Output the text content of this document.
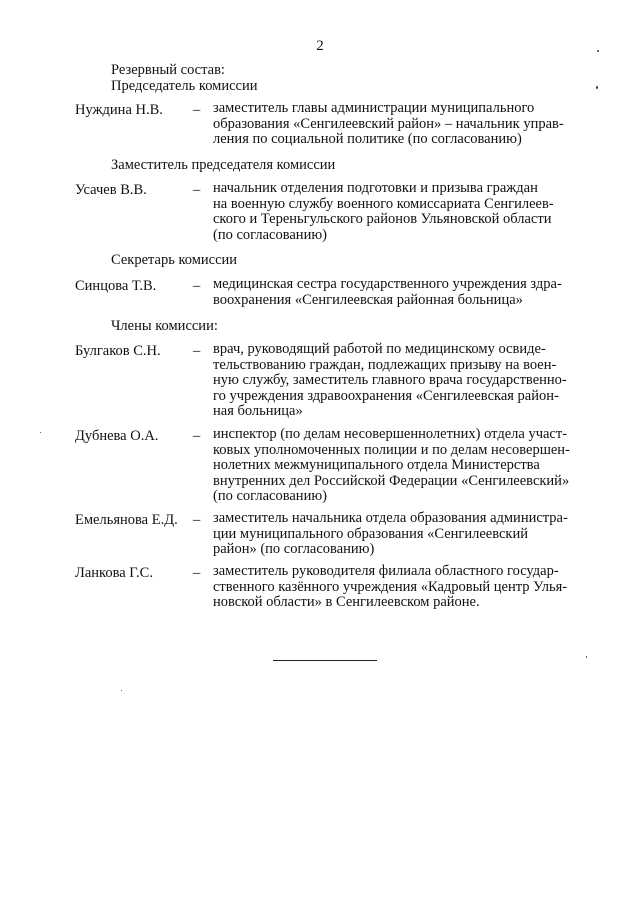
2
Резервный состав:
Председатель комиссии
Нуждина Н.В. – заместитель главы администрации муниципального
образования «Сенгилеевский район» – начальник управ-
ления по социальной политике (по согласованию)
Заместитель председателя комиссии
Усачев В.В.	– начальник отделения подготовки и призыва граждан
на военную службу военного комиссариата Сенгилеев-
ского и Тереньгульского районов Ульяновской области
(по согласованию)
Секретарь комиссии
Синцова Т.В.	– медицинская сестра государственного учреждения здра-
воохранения «Сенгилеевская районная больница»
Члены комиссии:
Булгаков С.Н. – врач, руководящий работой по медицинскому освиде-
тельствованию граждан, подлежащих призыву на воен-
ную службу, заместитель главного врача государственно-
го учреждения здравоохранения «Сенгилеевская район-
ная больница»
Дубнева О.А. – инспектор (по делам несовершеннолетних) отдела участ-
ковых уполномоченных полиции и по делам несовершен-
нолетних межмуниципального отдела Министерства
внутренних дел Российской Федерации «Сенгилеевский»
(по согласованию)
Емельянова Е.Д. – заместитель начальника отдела образования администра-
ции муниципального образования «Сенгилеевский
район» (по согласованию)
Ланкова Г.С.	– заместитель руководителя филиала областного государ-
ственного казённого учреждения «Кадровый центр Улья-
новской области» в Сенгилеевском районе.
